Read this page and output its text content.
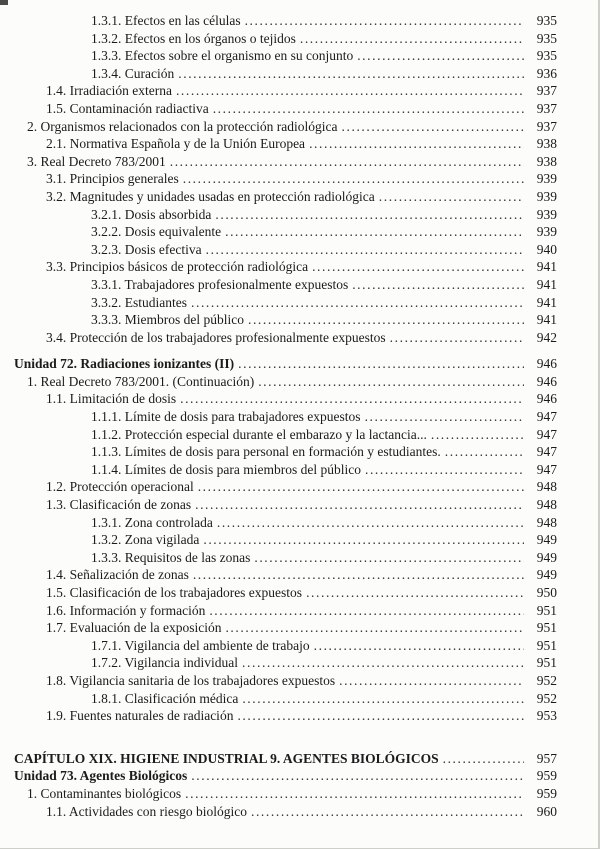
1.3.1. Efectos en las células .....	935
1.3.2. Efectos en los órganos o tejidos .....	935
1.3.3. Efectos sobre el organismo en su conjunto .....	935
1.3.4. Curación .....	936
1.4. Irradiación externa .....	937
1.5. Contaminación radiactiva .....	937
2. Organismos relacionados con la protección radiológica .....	937
2.1. Normativa Española y de la Unión Europea .....	938
3. Real Decreto 783/2001 .....	938
3.1. Principios generales .....	939
3.2. Magnitudes y unidades usadas en protección radiológica .....	939
3.2.1. Dosis absorbida .....	939
3.2.2. Dosis equivalente .....	939
3.2.3. Dosis efectiva .....	940
3.3. Principios básicos de protección radiológica .....	941
3.3.1. Trabajadores profesionalmente expuestos .....	941
3.3.2. Estudiantes .....	941
3.3.3. Miembros del público .....	941
3.4. Protección de los trabajadores profesionalmente expuestos .....	942
Unidad 72. Radiaciones ionizantes (II) .....	946
1. Real Decreto 783/2001. (Continuación) .....	946
1.1. Limitación de dosis .....	946
1.1.1. Límite de dosis para trabajadores expuestos .....	947
1.1.2. Protección especial durante el embarazo y la lactancia... .....	947
1.1.3. Límites de dosis para personal en formación y estudiantes. .....	947
1.1.4. Límites de dosis para miembros del público .....	947
1.2. Protección operacional .....	948
1.3. Clasificación de zonas .....	948
1.3.1. Zona controlada .....	948
1.3.2. Zona vigilada .....	949
1.3.3. Requisitos de las zonas .....	949
1.4. Señalización de zonas .....	949
1.5. Clasificación de los trabajadores expuestos .....	950
1.6. Información y formación .....	951
1.7. Evaluación de la exposición .....	951
1.7.1. Vigilancia del ambiente de trabajo .....	951
1.7.2. Vigilancia individual .....	951
1.8. Vigilancia sanitaria de los trabajadores expuestos .....	952
1.8.1. Clasificación médica .....	952
1.9. Fuentes naturales de radiación .....	953
CAPÍTULO XIX. HIGIENE INDUSTRIAL 9. AGENTES BIOLÓGICOS .....	957
Unidad 73. Agentes Biológicos .....	959
1. Contaminantes biológicos .....	959
1.1. Actividades con riesgo biológico .....	960
